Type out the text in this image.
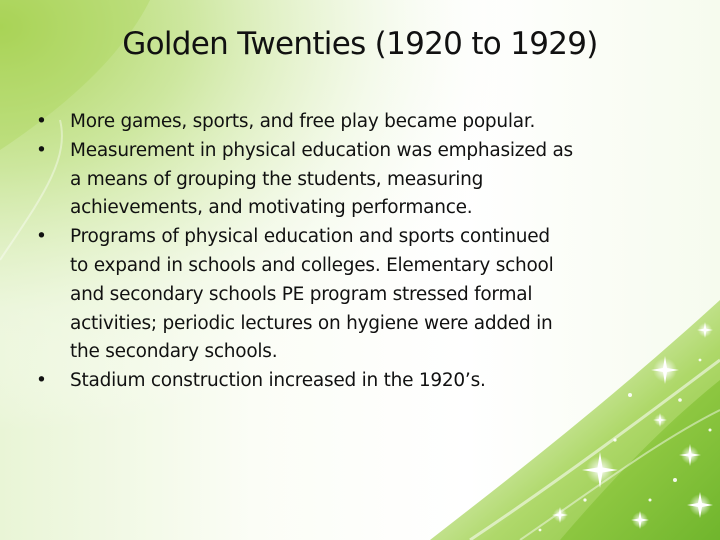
Golden Twenties (1920 to 1929)
•	More games, sports, and free play became popular.
•	Measurement in physical education was emphasized as
a means of grouping the students, measuring
achievements, and motivating performance.
•	Programs of physical education and sports continued
to expand in schools and colleges. Elementary school
and secondary schools PE program stressed formal
activities; periodic lectures on hygiene were added in
the secondary schools.
•	Stadium construction increased in the 1920’s.
